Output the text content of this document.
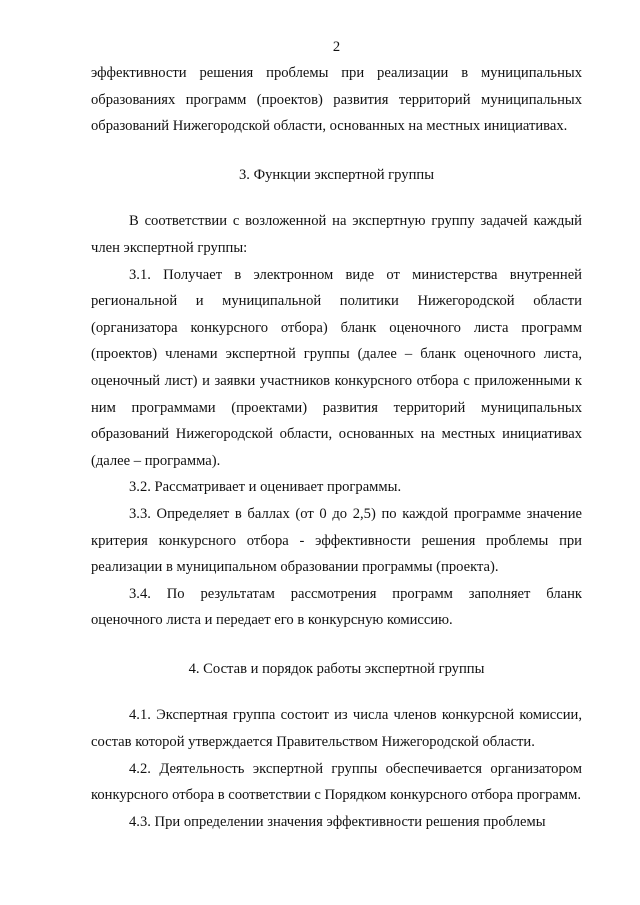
2

эффективности решения проблемы при реализации в муниципальных образованиях программ (проектов) развития территорий муниципальных образований Нижегородской области, основанных на местных инициативах.

3. Функции экспертной группы

В соответствии с возложенной на экспертную группу задачей каждый член экспертной группы:

3.1. Получает в электронном виде от министерства внутренней региональной и муниципальной политики Нижегородской области (организатора конкурсного отбора) бланк оценочного листа программ (проектов) членами экспертной группы (далее – бланк оценочного листа, оценочный лист) и заявки участников конкурсного отбора с приложенными к ним программами (проектами) развития территорий муниципальных образований Нижегородской области, основанных на местных инициативах (далее – программа).

3.2. Рассматривает и оценивает программы.

3.3. Определяет в баллах (от 0 до 2,5) по каждой программе значение критерия конкурсного отбора - эффективности решения проблемы при реализации в муниципальном образовании программы (проекта).

3.4. По результатам рассмотрения программ заполняет бланк оценочного листа и передает его в конкурсную комиссию.

4. Состав и порядок работы экспертной группы

4.1. Экспертная группа состоит из числа членов конкурсной комиссии, состав которой утверждается Правительством Нижегородской области.

4.2. Деятельность экспертной группы обеспечивается организатором конкурсного отбора в соответствии с Порядком конкурсного отбора программ.

4.3. При определении значения эффективности решения проблемы
